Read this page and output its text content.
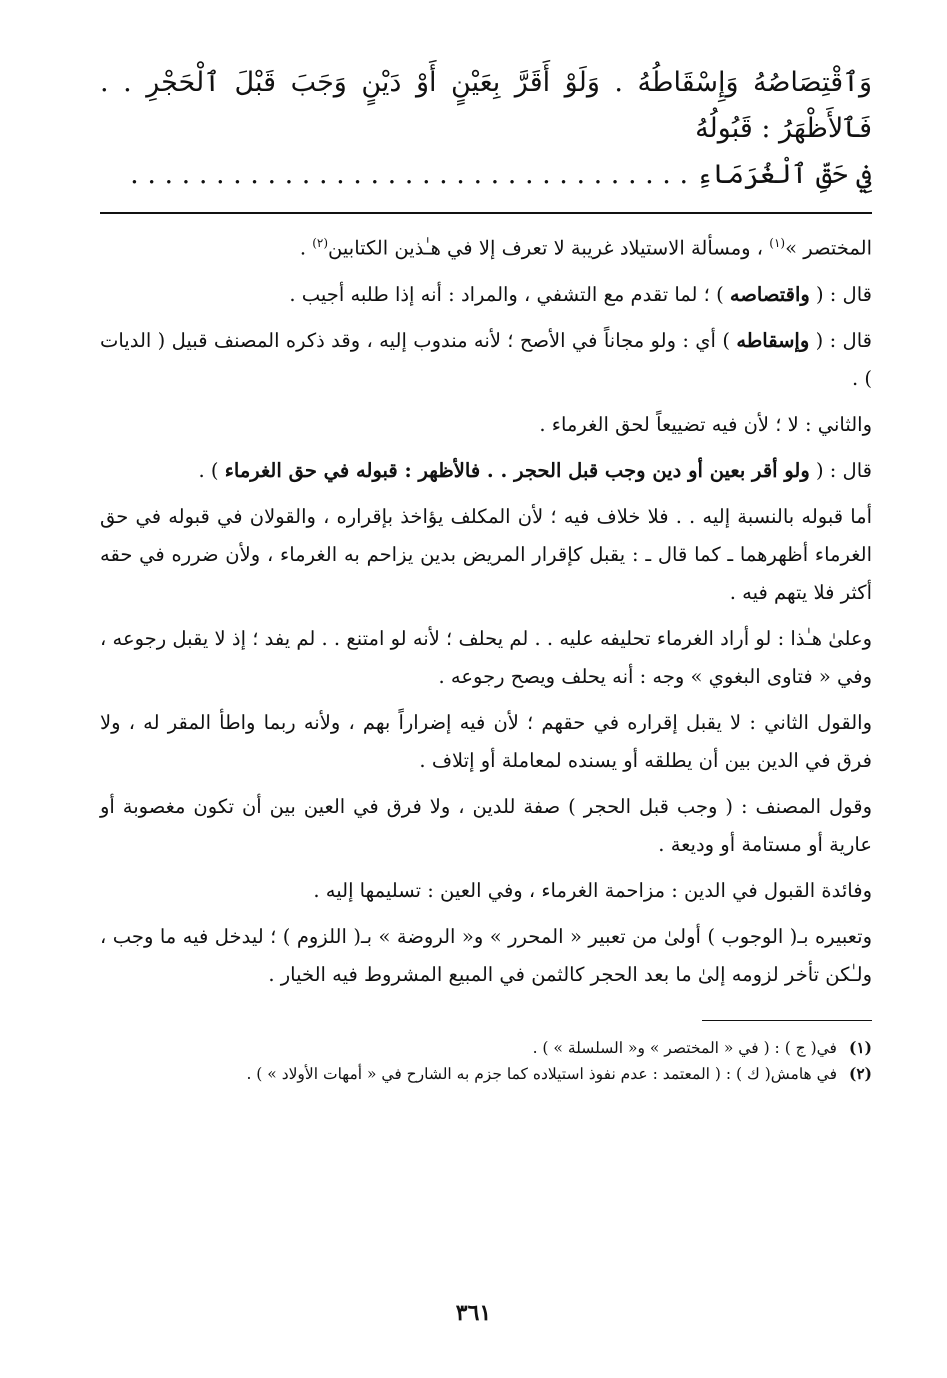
وَٱقْتِصَاصُهُ وَإِسْقَاطُهُ . وَلَوْ أَقَرَّ بِعَيْنٍ أَوْ دَيْنٍ وَجَبَ قَبْلَ ٱلْحَجْرِ . . فَٱلأَظْهَرُ : قَبُولُهُ

فِي حَقِّ ٱلْغُرَمَاءِ . . . . . . . . . . . . . . . . . . . . . . . . . . . . . . . . .

المختصر »$^{(١)}$ ، ومسألة الاستيلاد غريبة لا تعرف إلا في هـٰذين الكتابين$^{(٢)}$ .

قال : ( واقتصاصه ) ؛ لما تقدم مع التشفي ، والمراد : أنه إذا طلبه أجيب .

قال : ( وإسقاطه ) أي : ولو مجاناً في الأصح ؛ لأنه مندوب إليه ، وقد ذكره المصنف قبيل ( الديات ) .

والثاني : لا ؛ لأن فيه تضييعاً لحق الغرماء .

قال : ( ولو أقر بعين أو دين وجب قبل الحجر . . فالأظهر : قبوله في حق الغرماء ) .

أما قبوله بالنسبة إليه . . فلا خلاف فيه ؛ لأن المكلف يؤاخذ بإقراره ، والقولان في قبوله في حق الغرماء أظهرهما ـ كما قال ـ : يقبل كإقرار المريض بدين يزاحم به الغرماء ، ولأن ضرره في حقه أكثر فلا يتهم فيه .

وعلىٰ هـٰذا : لو أراد الغرماء تحليفه عليه . . لم يحلف ؛ لأنه لو امتنع . . لم يفد ؛ إذ لا يقبل رجوعه ، وفي « فتاوى البغوي » وجه : أنه يحلف ويصح رجوعه .

والقول الثاني : لا يقبل إقراره في حقهم ؛ لأن فيه إضراراً بهم ، ولأنه ربما واطأ المقر له ، ولا فرق في الدين بين أن يطلقه أو يسنده لمعاملة أو إتلاف .

وقول المصنف : ( وجب قبل الحجر ) صفة للدين ، ولا فرق في العين بين أن تكون مغصوبة أو عارية أو مستامة أو وديعة .

وفائدة القبول في الدين : مزاحمة الغرماء ، وفي العين : تسليمها إليه .

وتعبيره بـ( الوجوب ) أولىٰ من تعبير « المحرر » و« الروضة » بـ( اللزوم ) ؛ ليدخل فيه ما وجب ، ولـٰكن تأخر لزومه إلىٰ ما بعد الحجر كالثمن في المبيع المشروط فيه الخيار .

(١)في( ج ) : ( في « المختصر » و« السلسلة » ) .

(٢)في هامش( ك ) : ( المعتمد : عدم نفوذ استيلاده كما جزم به الشارح في « أمهات الأولاد » ) .

٣٦١
